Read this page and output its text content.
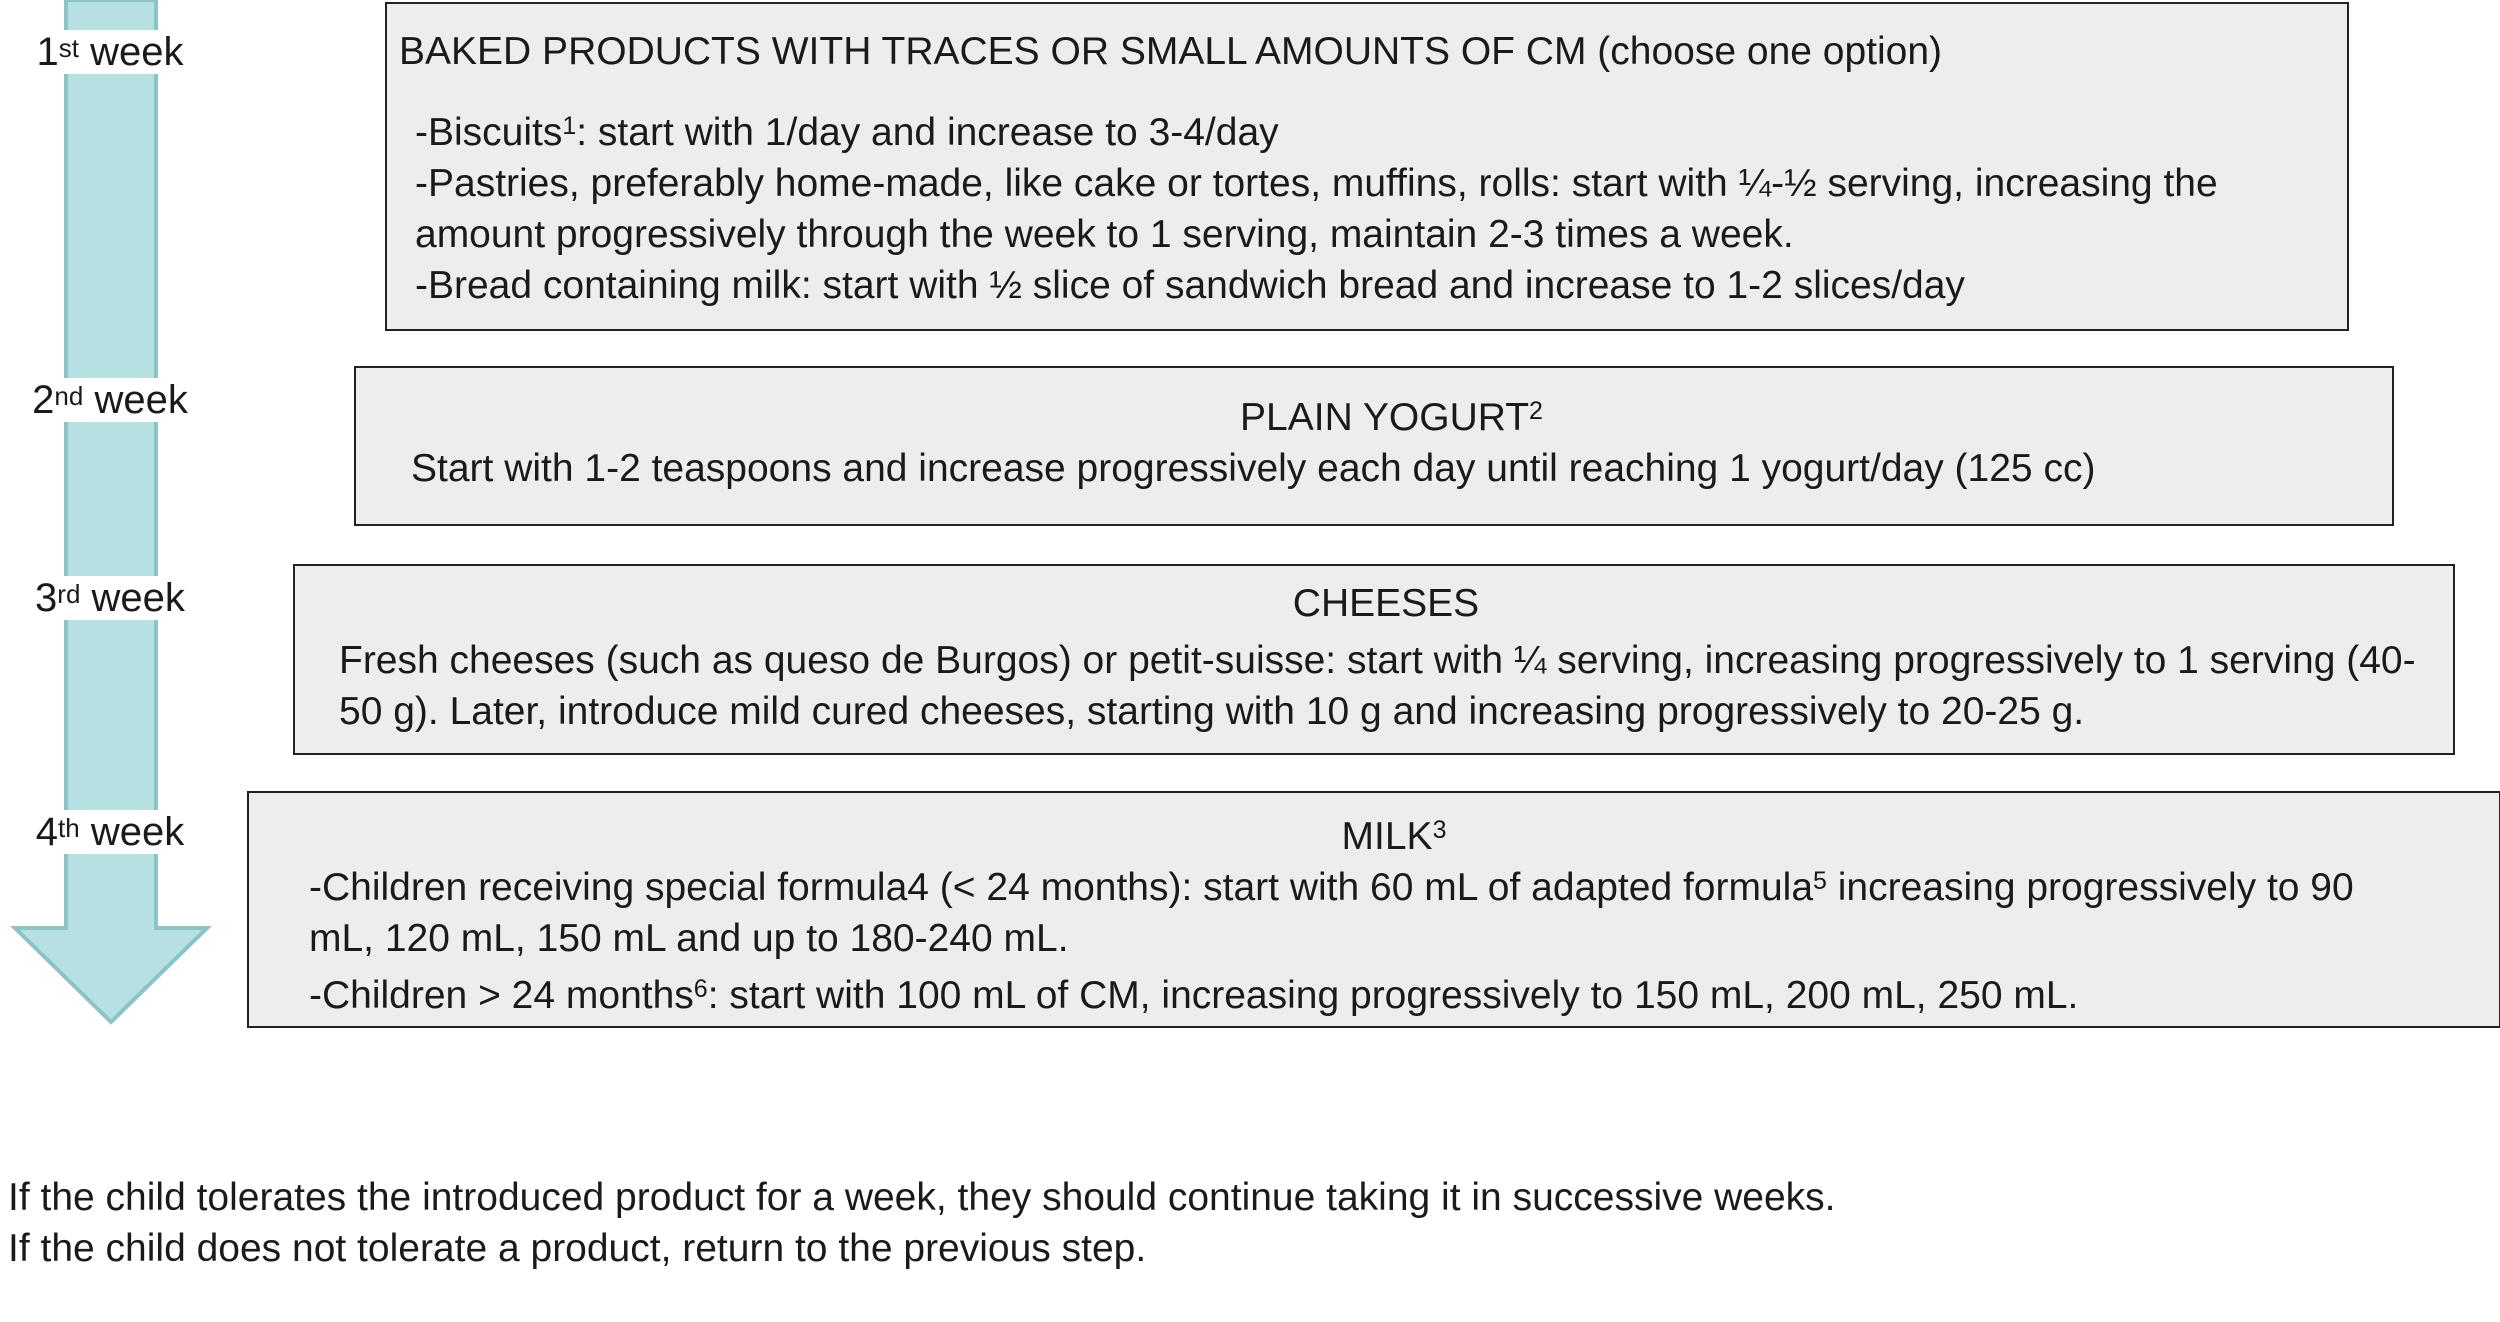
1st week
2nd week
3rd week
4th week
BAKED PRODUCTS WITH TRACES OR SMALL AMOUNTS OF CM (choose one option)

-Biscuits$^1$: start with 1/day and increase to 3-4/day

-Pastries, preferably home-made, like cake or tortes, muffins, rolls: start with ¼-½ serving, increasing the amount progressively through the week to 1 serving, maintain 2-3 times a week.

-Bread containing milk: start with ½ slice of sandwich bread and increase to 1-2 slices/day

PLAIN YOGURT$^2$

Start with 1-2 teaspoons and increase progressively each day until reaching 1 yogurt/day (125 cc)

CHEESES

Fresh cheeses (such as queso de Burgos) or petit-suisse: start with ¼ serving, increasing progressively to 1 serving (40-50 g). Later, introduce mild cured cheeses, starting with 10 g and increasing progressively to 20-25 g.

MILK$^3$

-Children receiving special formula4 (< 24 months): start with 60 mL of adapted formula$^5$ increasing progressively to 90 mL, 120 mL, 150 mL and up to 180-240 mL.

-Children > 24 months$^6$: start with 100 mL of CM, increasing progressively to 150 mL, 200 mL, 250 mL.

If the child tolerates the introduced product for a week, they should continue taking it in successive weeks.

If the child does not tolerate a product, return to the previous step.
